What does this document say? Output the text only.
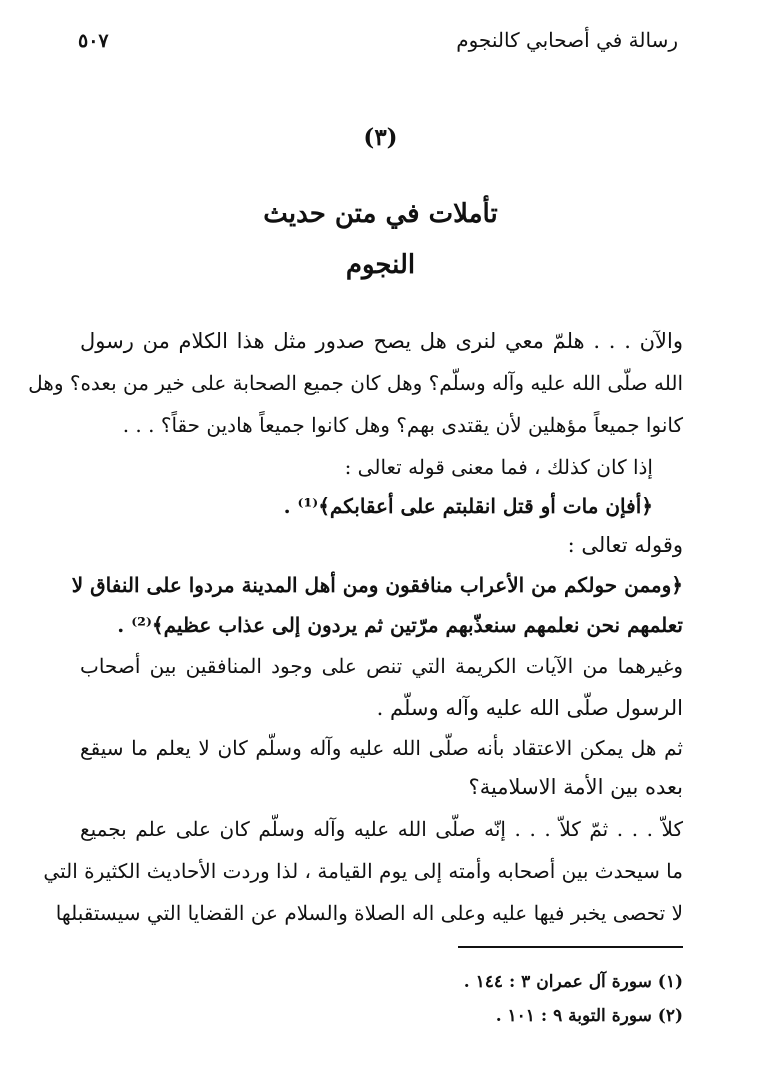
رسالة في أصحابي كالنجوم
٥٠٧
(٣)
تأملات في متن حديث
النجوم
والآن . . . هلمّ معي لنرى هل يصح صدور مثل هذا الكلام من رسول
الله صلّى الله عليه وآله وسلّم؟ وهل كان جميع الصحابة على خير من بعده؟ وهل
كانوا جميعاً مؤهلين لأن يقتدى بهم؟ وهل كانوا جميعاً هادين حقاً؟ . . .
إذا كان كذلك ، فما معنى قوله تعالى :
﴿أفإن مات أو قتل انقلبتم على أعقابكم﴾⁽¹⁾ .
وقوله تعالى :
﴿وممن حولكم من الأعراب منافقون ومن أهل المدينة مردوا على النفاق لا
تعلمهم نحن نعلمهم سنعذّبهم مرّتين ثم يردون إلى عذاب عظيم﴾⁽²⁾ .
وغيرهما من الآيات الكريمة التي تنص على وجود المنافقين بين أصحاب
الرسول صلّى الله عليه وآله وسلّم .
ثم هل يمكن الاعتقاد بأنه صلّى الله عليه وآله وسلّم كان لا يعلم ما سيقع
بعده بين الأمة الاسلامية؟
كلاّ . . . ثمّ كلاّ . . . إنّه صلّى الله عليه وآله وسلّم كان على علم بجميع
ما سيحدث بين أصحابه وأمته إلى يوم القيامة ، لذا وردت الأحاديث الكثيرة التي
لا تحصى يخبر فيها عليه وعلى اله الصلاة والسلام عن القضايا التي سيستقبلها
(١) سورة آل عمران ٣ : ١٤٤ .
(٢) سورة التوبة ٩ : ١٠١ .
